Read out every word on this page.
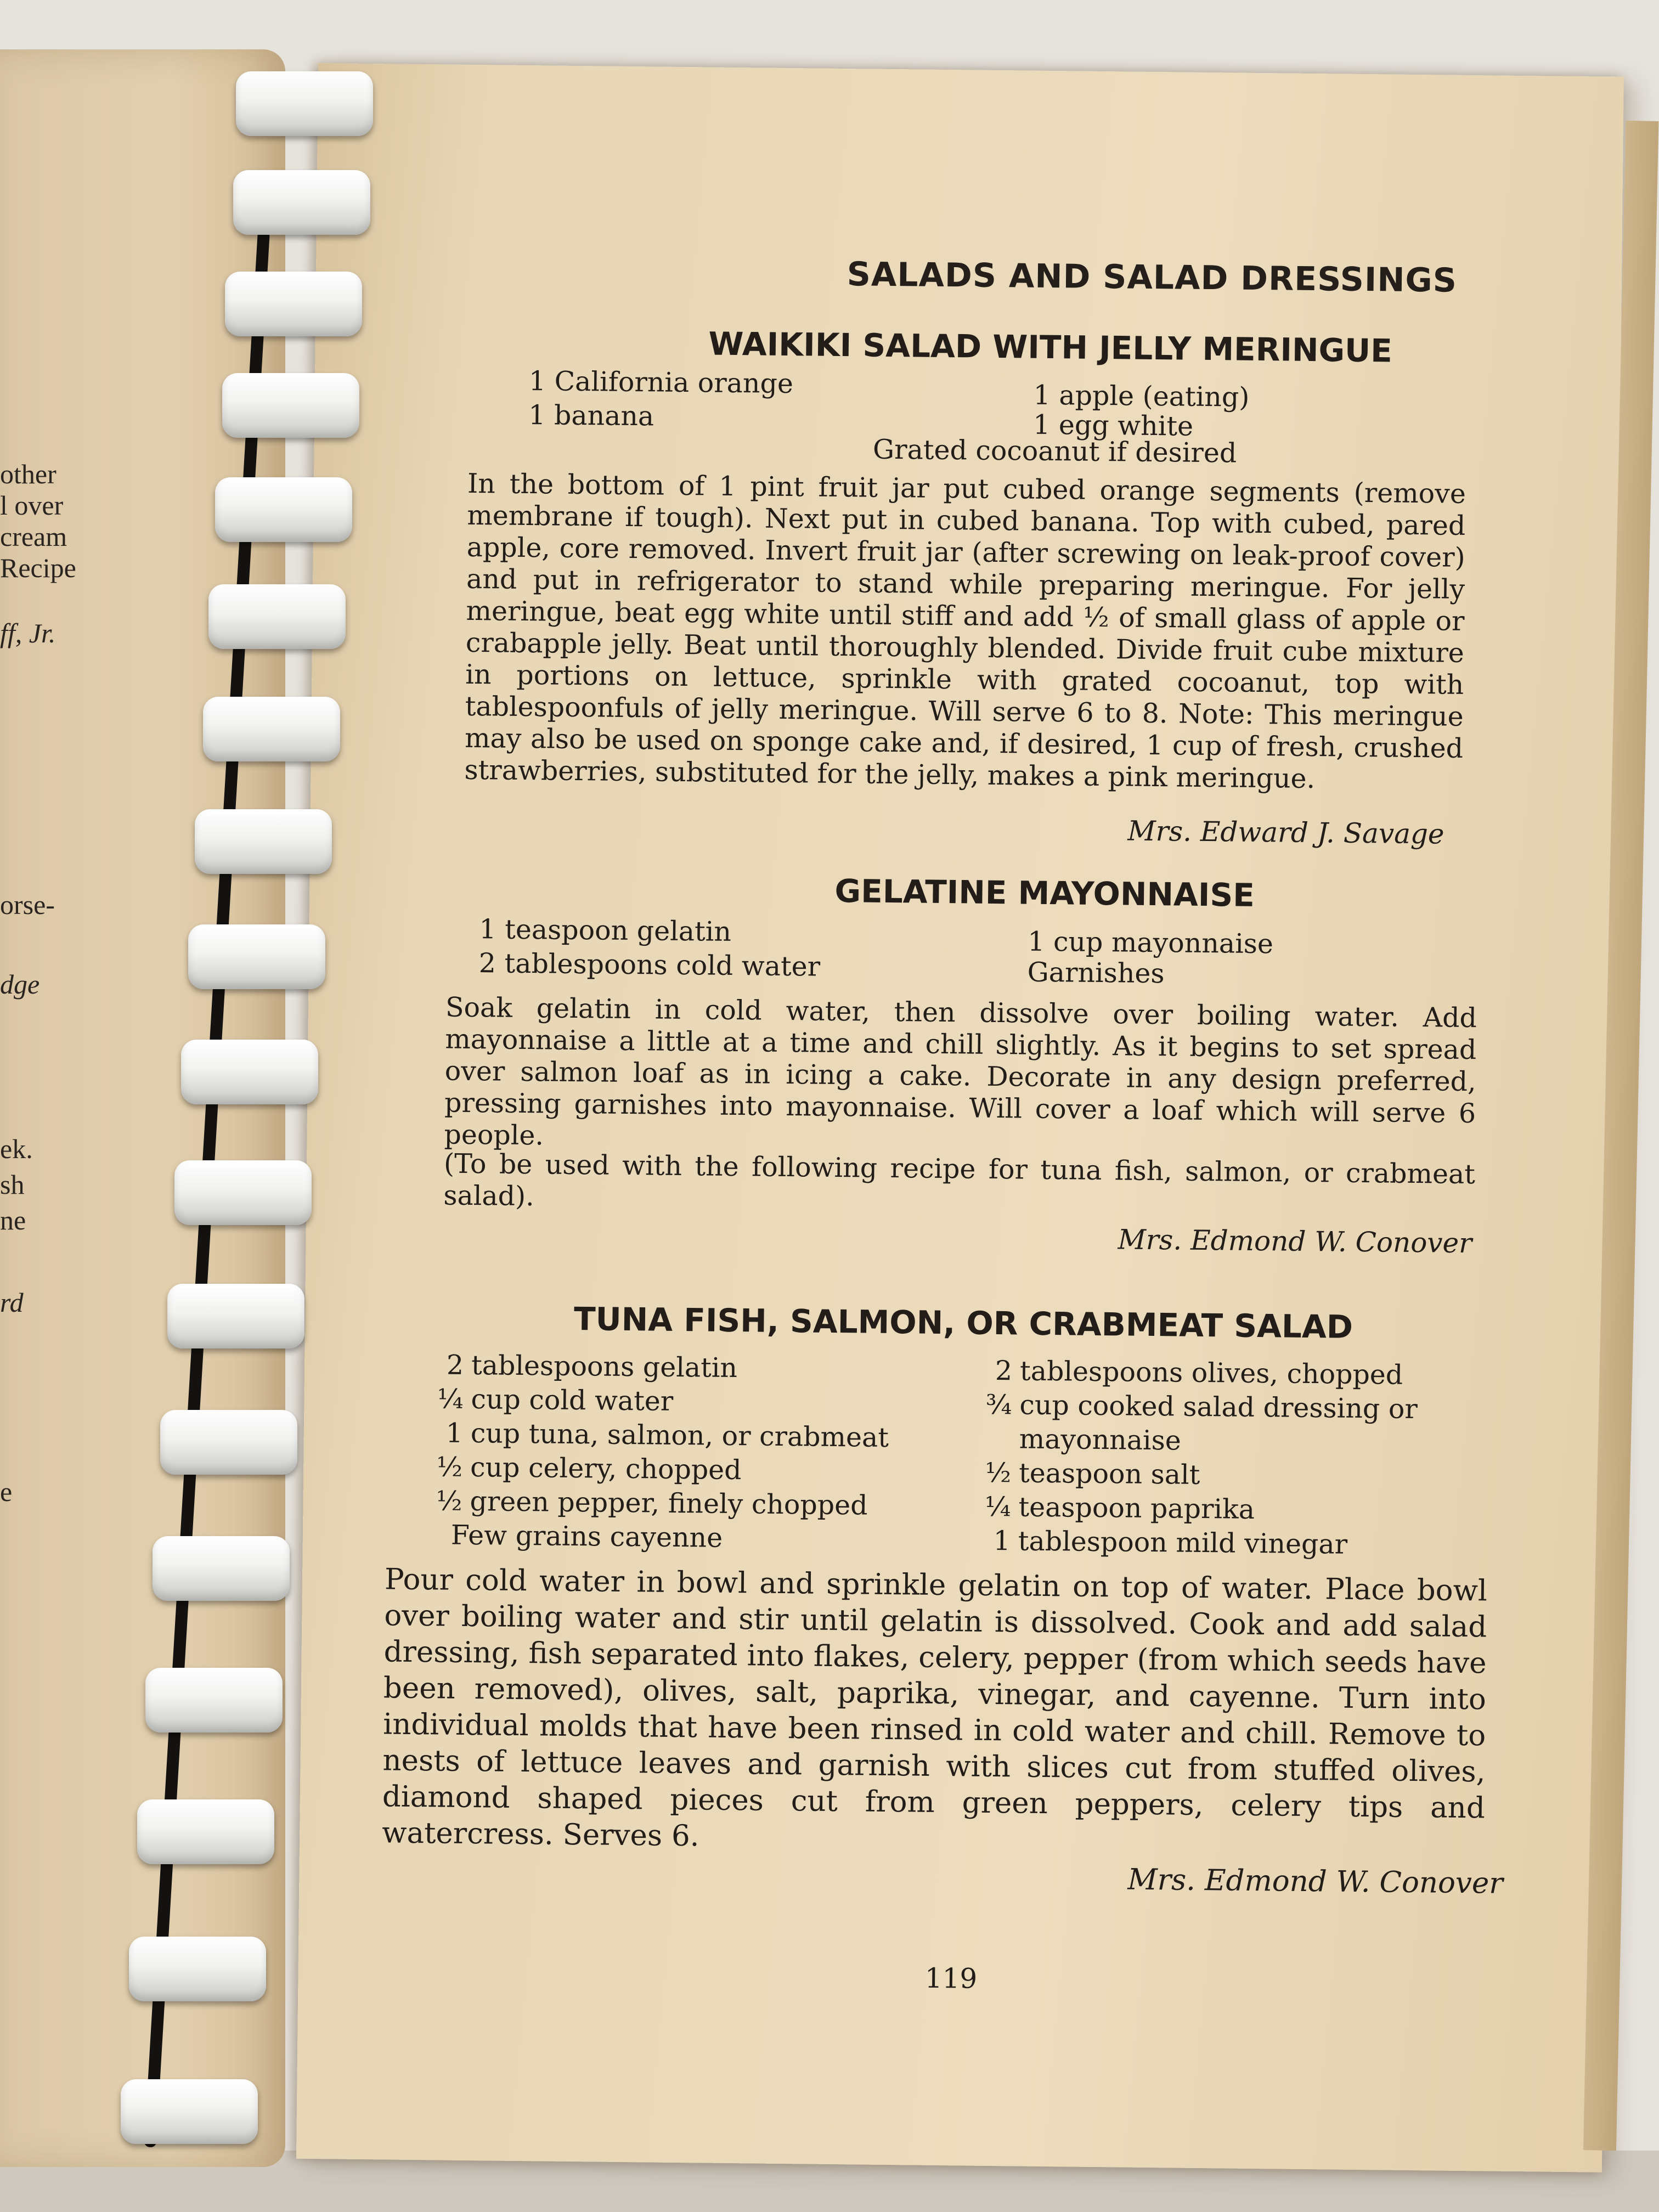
other
l over
cream
Recipe
ff, Jr.
orse-
dge
ek.
sh
ne
rd
e
SALADS AND SALAD DRESSINGS
WAIKIKI SALAD WITH JELLY MERINGUE
1 California orange
1 banana
1 apple (eating)
1 egg white
Grated cocoanut if desired
In the bottom of 1 pint fruit jar put cubed orange segments (remove membrane if tough). Next put in cubed banana. Top with cubed, pared apple, core removed. Invert fruit jar (after screwing on leak-proof cover) and put in refrigerator to stand while preparing meringue. For jelly meringue, beat egg white until stiff and add ½ of small glass of apple or crabapple jelly. Beat until thoroughly blended. Divide fruit cube mixture in portions on lettuce, sprinkle with grated cocoanut, top with tablespoonfuls of jelly meringue. Will serve 6 to 8. Note: This meringue may also be used on sponge cake and, if desired, 1 cup of fresh, crushed strawberries, substituted for the jelly, makes a pink meringue.
Mrs. Edward J. Savage
GELATINE MAYONNAISE
1 teaspoon gelatin
2 tablespoons cold water
1 cup mayonnaise
Garnishes
Soak gelatin in cold water, then dissolve over boiling water. Add mayonnaise a little at a time and chill slightly. As it begins to set spread over salmon loaf as in icing a cake. Decorate in any design preferred, pressing garnishes into mayonnaise. Will cover a loaf which will serve 6 people.
(To be used with the following recipe for tuna fish, salmon, or crabmeat salad).
Mrs. Edmond W. Conover
TUNA FISH, SALMON, OR CRABMEAT SALAD
2 tablespoons gelatin
¼ cup cold water
1 cup tuna, salmon, or crabmeat
½ cup celery, chopped
½ green pepper, finely chopped
Few grains cayenne
2 tablespoons olives, chopped
¾ cup cooked salad dressing or
mayonnaise
½ teaspoon salt
¼ teaspoon paprika
1 tablespoon mild vinegar
Pour cold water in bowl and sprinkle gelatin on top of water. Place bowl over boiling water and stir until gelatin is dissolved. Cook and add salad dressing, fish separated into flakes, celery, pepper (from which seeds have been removed), olives, salt, paprika, vinegar, and cayenne. Turn into individual molds that have been rinsed in cold water and chill. Remove to nests of lettuce leaves and garnish with slices cut from stuffed olives, diamond shaped pieces cut from green peppers, celery tips and watercress. Serves 6.
Mrs. Edmond W. Conover
119
